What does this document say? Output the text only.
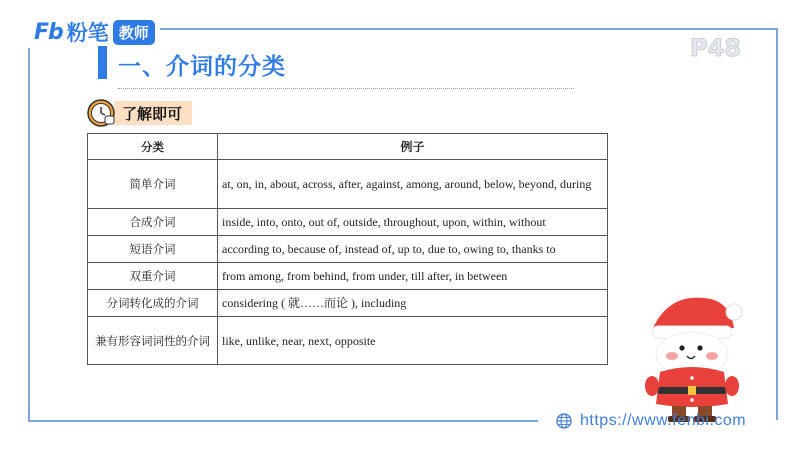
Fb 粉笔 教师
P48
一、介词的分类
了解即可
分类	例子
简单介词	at, on, in, about, across, after, against, among, around, below, beyond, during
合成介词	inside, into, onto, out of, outside, throughout, upon, within, without
短语介词	according to, because of, instead of, up to, due to, owing to, thanks to
双重介词	from among, from behind, from under, till after, in between
分词转化成的介词	considering ( 就……而论 ), including
兼有形容词词性的介词	like, unlike, near, next, opposite
https://www.fenbi.com
